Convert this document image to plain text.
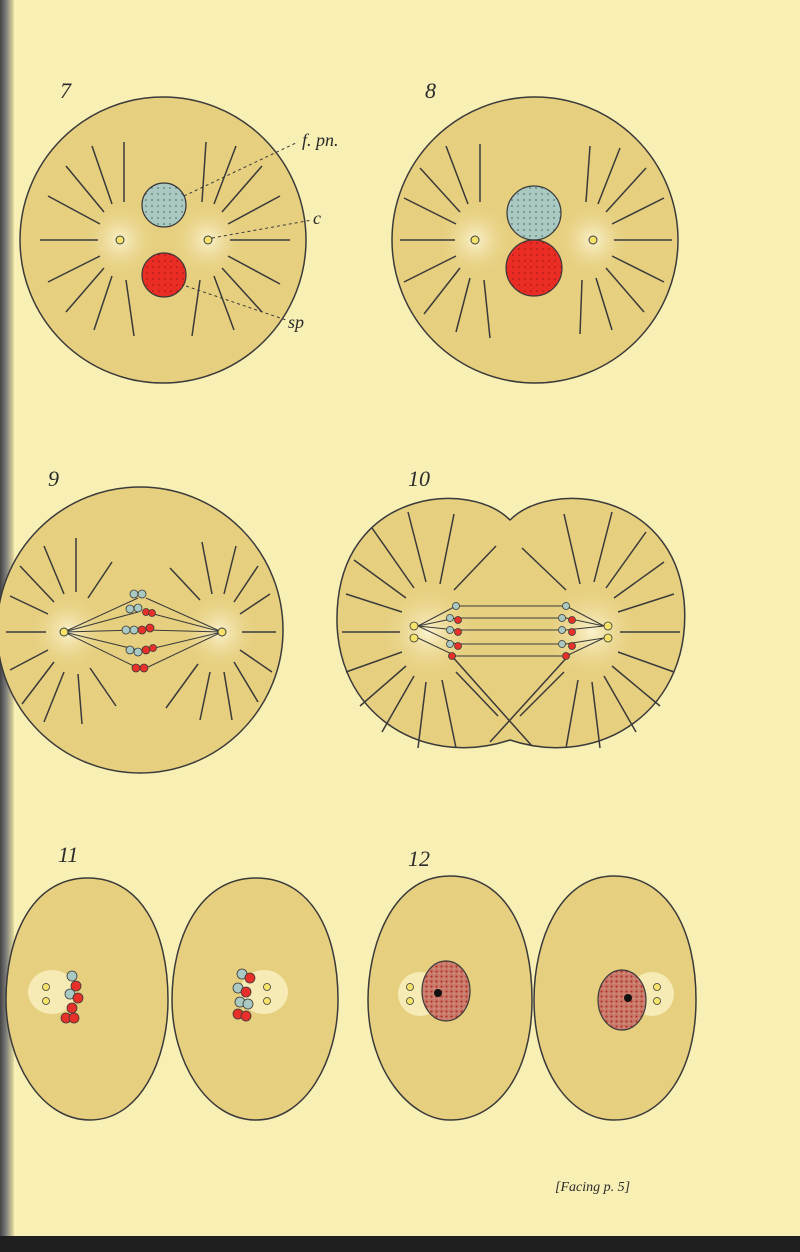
7	8
9	10
11	12
f. pn.
c
sp
[Facing p. 5]
